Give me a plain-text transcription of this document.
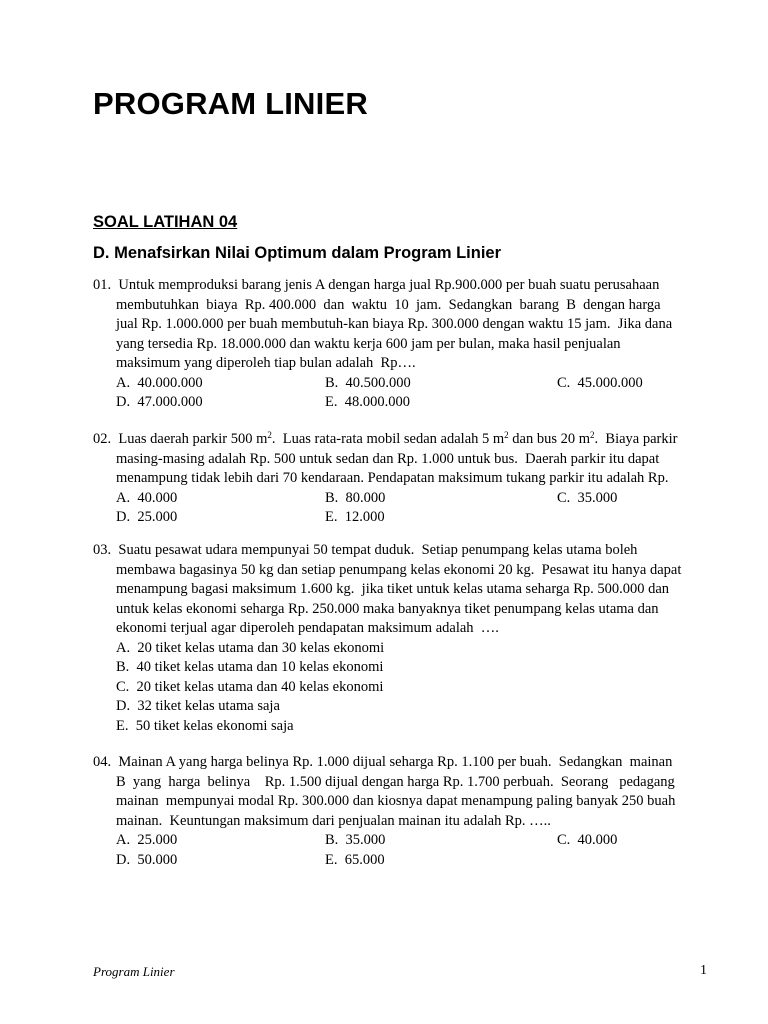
PROGRAM LINIER
SOAL LATIHAN 04
D. Menafsirkan Nilai Optimum dalam Program Linier
01.  Untuk memproduksi barang jenis A dengan harga jual Rp.900.000 per buah suatu perusahaan
membutuhkan  biaya  Rp. 400.000  dan  waktu  10  jam.  Sedangkan  barang  B  dengan harga
jual Rp. 1.000.000 per buah membutuh-kan biaya Rp. 300.000 dengan waktu 15 jam.  Jika dana
yang tersedia Rp. 18.000.000 dan waktu kerja 600 jam per bulan, maka hasil penjualan
maksimum yang diperoleh tiap bulan adalah  Rp….
A.  40.000.000	B.  40.500.000	C.  45.000.000
D.  47.000.000	E.  48.000.000
02.  Luas daerah parkir 500 $m^2$.  Luas rata-rata mobil sedan adalah 5 $m^2$ dan bus 20 $m^2$.  Biaya parkir
masing-masing adalah Rp. 500 untuk sedan dan Rp. 1.000 untuk bus.  Daerah parkir itu dapat
menampung tidak lebih dari 70 kendaraan. Pendapatan maksimum tukang parkir itu adalah Rp.
A.  40.000	B.  80.000	C.  35.000
D.  25.000	E.  12.000
03.  Suatu pesawat udara mempunyai 50 tempat duduk.  Setiap penumpang kelas utama boleh
membawa bagasinya 50 kg dan setiap penumpang kelas ekonomi 20 kg.  Pesawat itu hanya dapat
menampung bagasi maksimum 1.600 kg.  jika tiket untuk kelas utama seharga Rp. 500.000 dan
untuk kelas ekonomi seharga Rp. 250.000 maka banyaknya tiket penumpang kelas utama dan
ekonomi terjual agar diperoleh pendapatan maksimum adalah  ….
A.  20 tiket kelas utama dan 30 kelas ekonomi
B.  40 tiket kelas utama dan 10 kelas ekonomi
C.  20 tiket kelas utama dan 40 kelas ekonomi
D.  32 tiket kelas utama saja
E.  50 tiket kelas ekonomi saja
04.  Mainan A yang harga belinya Rp. 1.000 dijual seharga Rp. 1.100 per buah.  Sedangkan  mainan
B  yang  harga  belinya    Rp. 1.500 dijual dengan harga Rp. 1.700 perbuah.  Seorang   pedagang
mainan  mempunyai modal Rp. 300.000 dan kiosnya dapat menampung paling banyak 250 buah
mainan.  Keuntungan maksimum dari penjualan mainan itu adalah Rp. …..
A.  25.000	B.  35.000	C.  40.000
D.  50.000	E.  65.000
Program Linier	1
